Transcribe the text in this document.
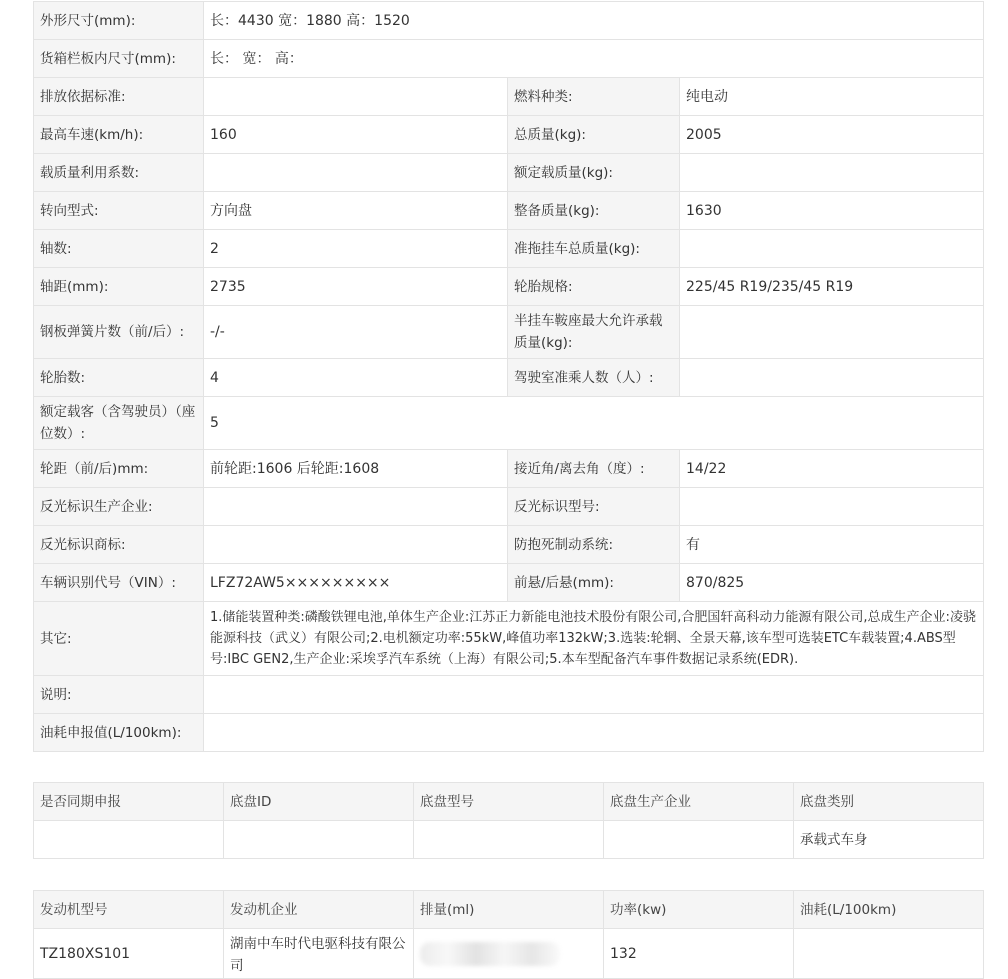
外形尺寸(mm):	长：4430 宽：1880 高：1520		
货箱栏板内尺寸(mm):	长： 宽： 高：		
排放依据标准:		燃料种类:	纯电动
最高车速(km/h):	160	总质量(kg):	2005
载质量利用系数:		额定载质量(kg):	
转向型式:	方向盘	整备质量(kg):	1630
轴数:	2	准拖挂车总质量(kg):	
轴距(mm):	2735	轮胎规格:	225/45 R19/235/45 R19
钢板弹簧片数（前/后）:	-/-	半挂车鞍座最大允许承载质量(kg):	
轮胎数:	4	驾驶室准乘人数（人）:	
额定载客（含驾驶员）（座位数）:	5		
轮距（前/后)mm:	前轮距:1606 后轮距:1608	接近角/离去角（度）:	14/22
反光标识生产企业:		反光标识型号:	
反光标识商标:		防抱死制动系统:	有
车辆识别代号（VIN）:	LFZ72AW5×××××××××	前悬/后悬(mm):	870/825
其它:	1.储能装置种类:磷酸铁锂电池,单体生产企业:江苏正力新能电池技术股份有限公司,合肥国轩高科动力能源有限公司,总成生产企业:凌骁能源科技（武义）有限公司;2.电机额定功率:55kW,峰值功率132kW;3.选装:轮辋、全景天幕,该车型可选装ETC车载装置;4.ABS型号:IBC GEN2,生产企业:采埃孚汽车系统（上海）有限公司;5.本车型配备汽车事件数据记录系统(EDR).		
说明:			
油耗申报值(L/100km):			
是否同期申报	底盘ID	底盘型号	底盘生产企业	底盘类别
				承载式车身
发动机型号	发动机企业	排量(ml)	功率(kw)	油耗(L/100km)
TZ180XS101	湖南中车时代电驱科技有限公司		132	
